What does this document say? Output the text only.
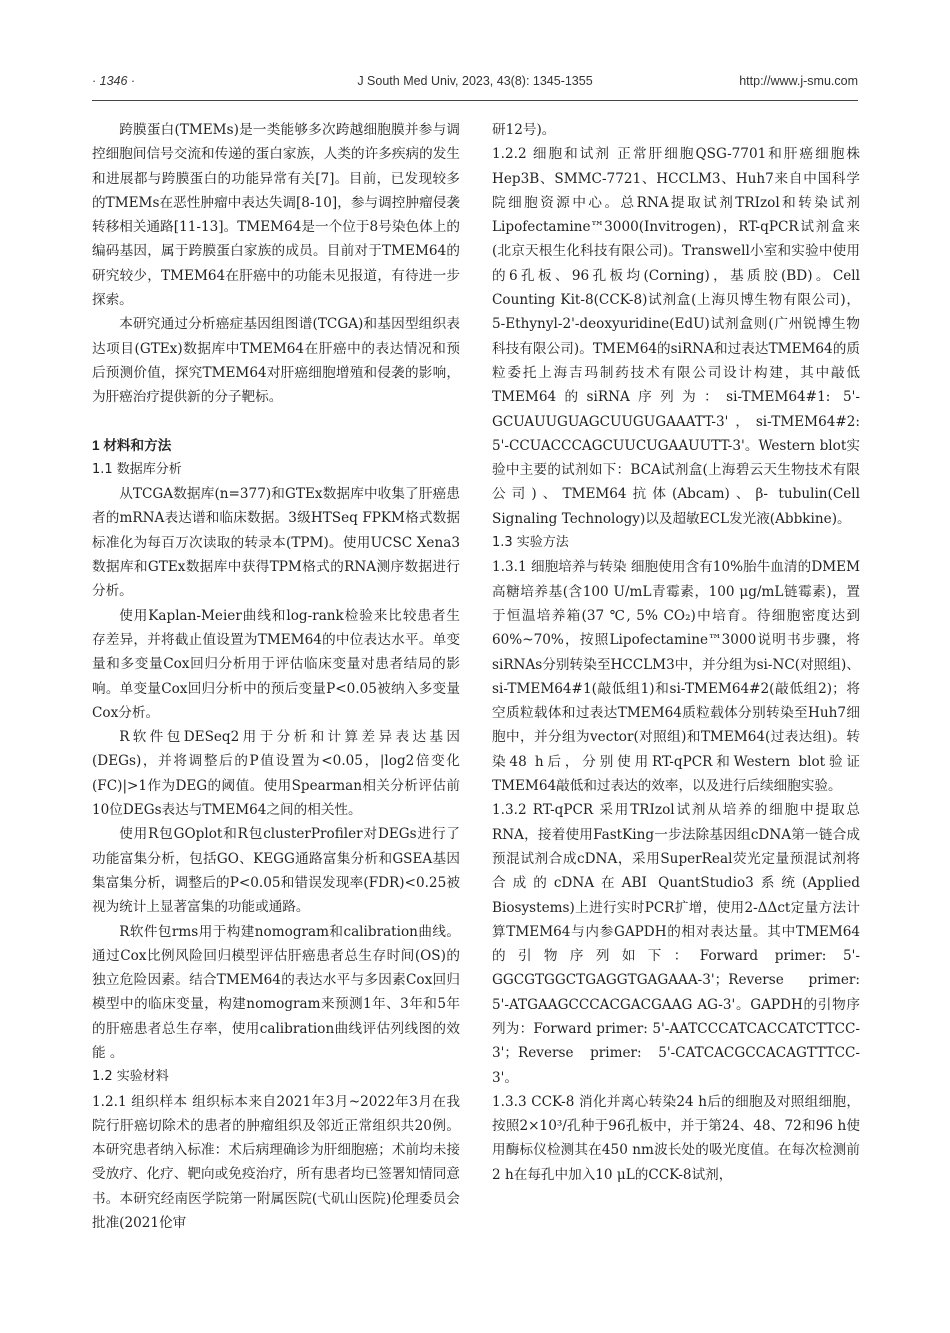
· 1346 ·	J South Med Univ, 2023, 43(8): 1345-1355	http://www.j-smu.com

跨膜蛋白(TMEMs)是一类能够多次跨越细胞膜并参与调控细胞间信号交流和传递的蛋白家族，人类的许多疾病的发生和进展都与跨膜蛋白的功能异常有关[7]。目前，已发现较多的TMEMs在恶性肿瘤中表达失调[8-10]，参与调控肿瘤侵袭转移相关通路[11-13]。TMEM64是一个位于8号染色体上的编码基因，属于跨膜蛋白家族的成员。目前对于TMEM64的研究较少，TMEM64在肝癌中的功能未见报道，有待进一步探索。

本研究通过分析癌症基因组图谱(TCGA)和基因型组织表达项目(GTEx)数据库中TMEM64在肝癌中的表达情况和预后预测价值，探究TMEM64对肝癌细胞增殖和侵袭的影响，为肝癌治疗提供新的分子靶标。

1 材料和方法

1.1 数据库分析

从TCGA数据库(n=377)和GTEx数据库中收集了肝癌患者的mRNA表达谱和临床数据。3级HTSeq FPKM格式数据标准化为每百万次读取的转录本(TPM)。使用UCSC Xena3数据库和GTEx数据库中获得TPM格式的RNA测序数据进行分析。

使用Kaplan-Meier曲线和log-rank检验来比较患者生存差异，并将截止值设置为TMEM64的中位表达水平。单变量和多变量Cox回归分析用于评估临床变量对患者结局的影响。单变量Cox回归分析中的预后变量P<0.05被纳入多变量Cox分析。

R软件包DESeq2用于分析和计算差异表达基因(DEGs)，并将调整后的P值设置为<0.05，|log2倍变化(FC)|>1作为DEG的阈值。使用Spearman相关分析评估前10位DEGs表达与TMEM64之间的相关性。

使用R包GOplot和R包clusterProfiler对DEGs进行了功能富集分析，包括GO、KEGG通路富集分析和GSEA基因集富集分析，调整后的P<0.05和错误发现率(FDR)<0.25被视为统计上显著富集的功能或通路。

R软件包rms用于构建nomogram和calibration曲线。通过Cox比例风险回归模型评估肝癌患者总生存时间(OS)的独立危险因素。结合TMEM64的表达水平与多因素Cox回归模型中的临床变量，构建nomogram来预测1年、3年和5年的肝癌患者总生存率，使用calibration曲线评估列线图的效能 。

1.2 实验材料

1.2.1 组织样本 组织标本来自2021年3月~2022年3月在我院行肝癌切除术的患者的肿瘤组织及邻近正常组织共20例。本研究患者纳入标准：术后病理确诊为肝细胞癌；术前均未接受放疗、化疗、靶向或免疫治疗，所有患者均已签署知情同意书。本研究经南医学院第一附属医院(弋矶山医院)伦理委员会批准(2021伦审

研12号)。

1.2.2 细胞和试剂 正常肝细胞QSG-7701和肝癌细胞株Hep3B、SMMC-7721、HCCLM3、Huh7来自中国科学院细胞资源中心。总RNA提取试剂TRIzol和转染试剂Lipofectamine™3000(Invitrogen)，RT-qPCR试剂盒来(北京天根生化科技有限公司)。Transwell小室和实验中使用的6孔板、96孔板均(Corning)，基质胶(BD)。Cell Counting Kit-8(CCK-8)试剂盒(上海贝博生物有限公司)，5-Ethynyl-2'-deoxyuridine(EdU)试剂盒则(广州锐博生物科技有限公司)。TMEM64的siRNA和过表达TMEM64的质粒委托上海吉玛制药技术有限公司设计构建，其中敲低TMEM64的siRNA序列为：si-TMEM64#1: 5'-GCUAUUGUAGCUUGUGAAATT-3'，si-TMEM64#2: 5'-CCUACCCAGCUUCUGAAUUTT-3'。Western blot实验中主要的试剂如下：BCA试剂盒(上海碧云天生物技术有限公司)、TMEM64抗体(Abcam)、β- tubulin(Cell Signaling Technology)以及超敏ECL发光液(Abbkine)。

1.3 实验方法

1.3.1 细胞培养与转染 细胞使用含有10%胎牛血清的DMEM高糖培养基(含100 U/mL青霉素，100 μg/mL链霉素)，置于恒温培养箱(37 ℃, 5% CO₂)中培育。待细胞密度达到60%~70%，按照Lipofectamine™3000说明书步骤，将siRNAs分别转染至HCCLM3中，并分组为si-NC(对照组)、si-TMEM64#1(敲低组1)和si-TMEM64#2(敲低组2)；将空质粒载体和过表达TMEM64质粒载体分别转染至Huh7细胞中，并分组为vector(对照组)和TMEM64(过表达组)。转染48 h后，分别使用RT-qPCR和Western blot验证TMEM64敲低和过表达的效率，以及进行后续细胞实验。

1.3.2 RT-qPCR 采用TRIzol试剂从培养的细胞中提取总RNA，接着使用FastKing一步法除基因组cDNA第一链合成预混试剂合成cDNA，采用SuperReal荧光定量预混试剂将合成的cDNA在ABI QuantStudio3系统(Applied Biosystems)上进行实时PCR扩增，使用2-ΔΔct定量方法计算TMEM64与内参GAPDH的相对表达量。其中TMEM64的引物序列如下：Forward primer: 5'-GGCGTGGCTGAGGTGAGAAA-3'；Reverse primer: 5'-ATGAAGCCCACGACGAAG AG-3'。GAPDH的引物序列为：Forward primer: 5'-AATCCCATCACCATCTTCC-3'；Reverse primer: 5'-CATCACGCCACAGTTTCC-3'。

1.3.3 CCK-8 消化并离心转染24 h后的细胞及对照组细胞，按照2×10³/孔种于96孔板中，并于第24、48、72和96 h使用酶标仪检测其在450 nm波长处的吸光度值。在每次检测前2 h在每孔中加入10 μL的CCK-8试剂，
